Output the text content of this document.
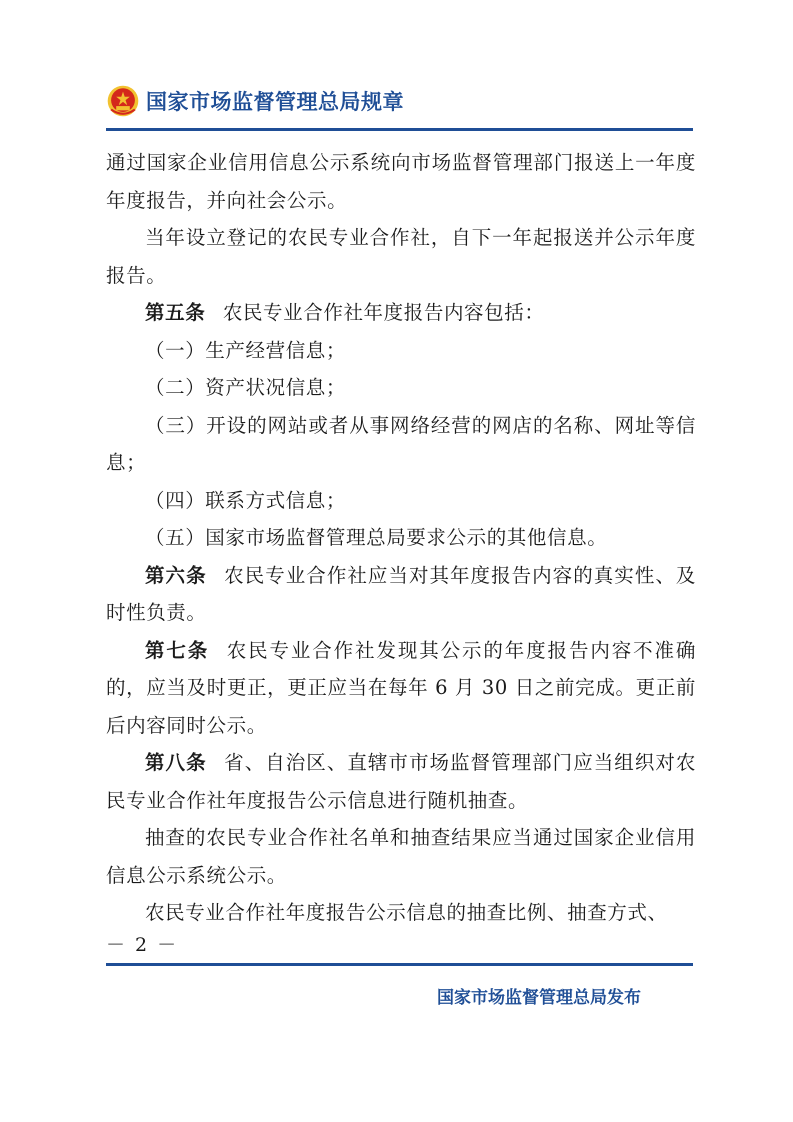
国家市场监督管理总局规章

通过国家企业信用信息公示系统向市场监督管理部门报送上一年度年度报告，并向社会公示。

当年设立登记的农民专业合作社，自下一年起报送并公示年度报告。

第五条 农民专业合作社年度报告内容包括：

（一）生产经营信息；

（二）资产状况信息；

（三）开设的网站或者从事网络经营的网店的名称、网址等信息；

（四）联系方式信息；

（五）国家市场监督管理总局要求公示的其他信息。

第六条 农民专业合作社应当对其年度报告内容的真实性、及时性负责。

第七条 农民专业合作社发现其公示的年度报告内容不准确的，应当及时更正，更正应当在每年 6 月 30 日之前完成。更正前后内容同时公示。

第八条 省、自治区、直辖市市场监督管理部门应当组织对农民专业合作社年度报告公示信息进行随机抽查。

抽查的农民专业合作社名单和抽查结果应当通过国家企业信用信息公示系统公示。

农民专业合作社年度报告公示信息的抽查比例、抽查方式、

－ 2 －
国家市场监督管理总局发布
